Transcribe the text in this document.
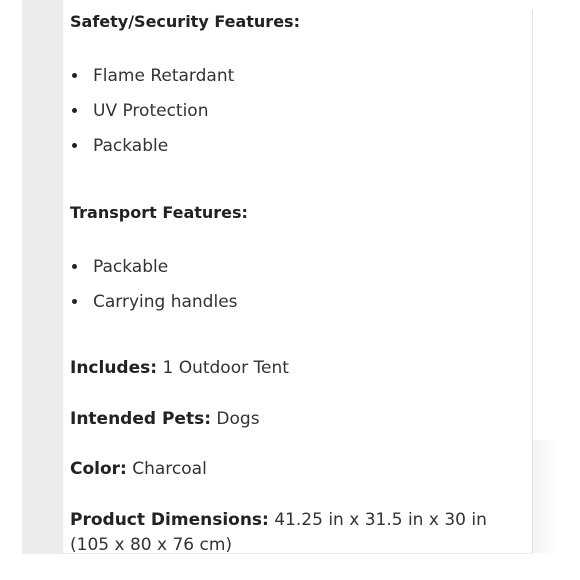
Safety/Security Features:
Flame Retardant
UV Protection
Packable
Transport Features:
Packable
Carrying handles

Includes: 1 Outdoor Tent

Intended Pets: Dogs

Color: Charcoal

Product Dimensions: 41.25 in x 31.5 in x 30 in (105 x 80 x 76 cm)
